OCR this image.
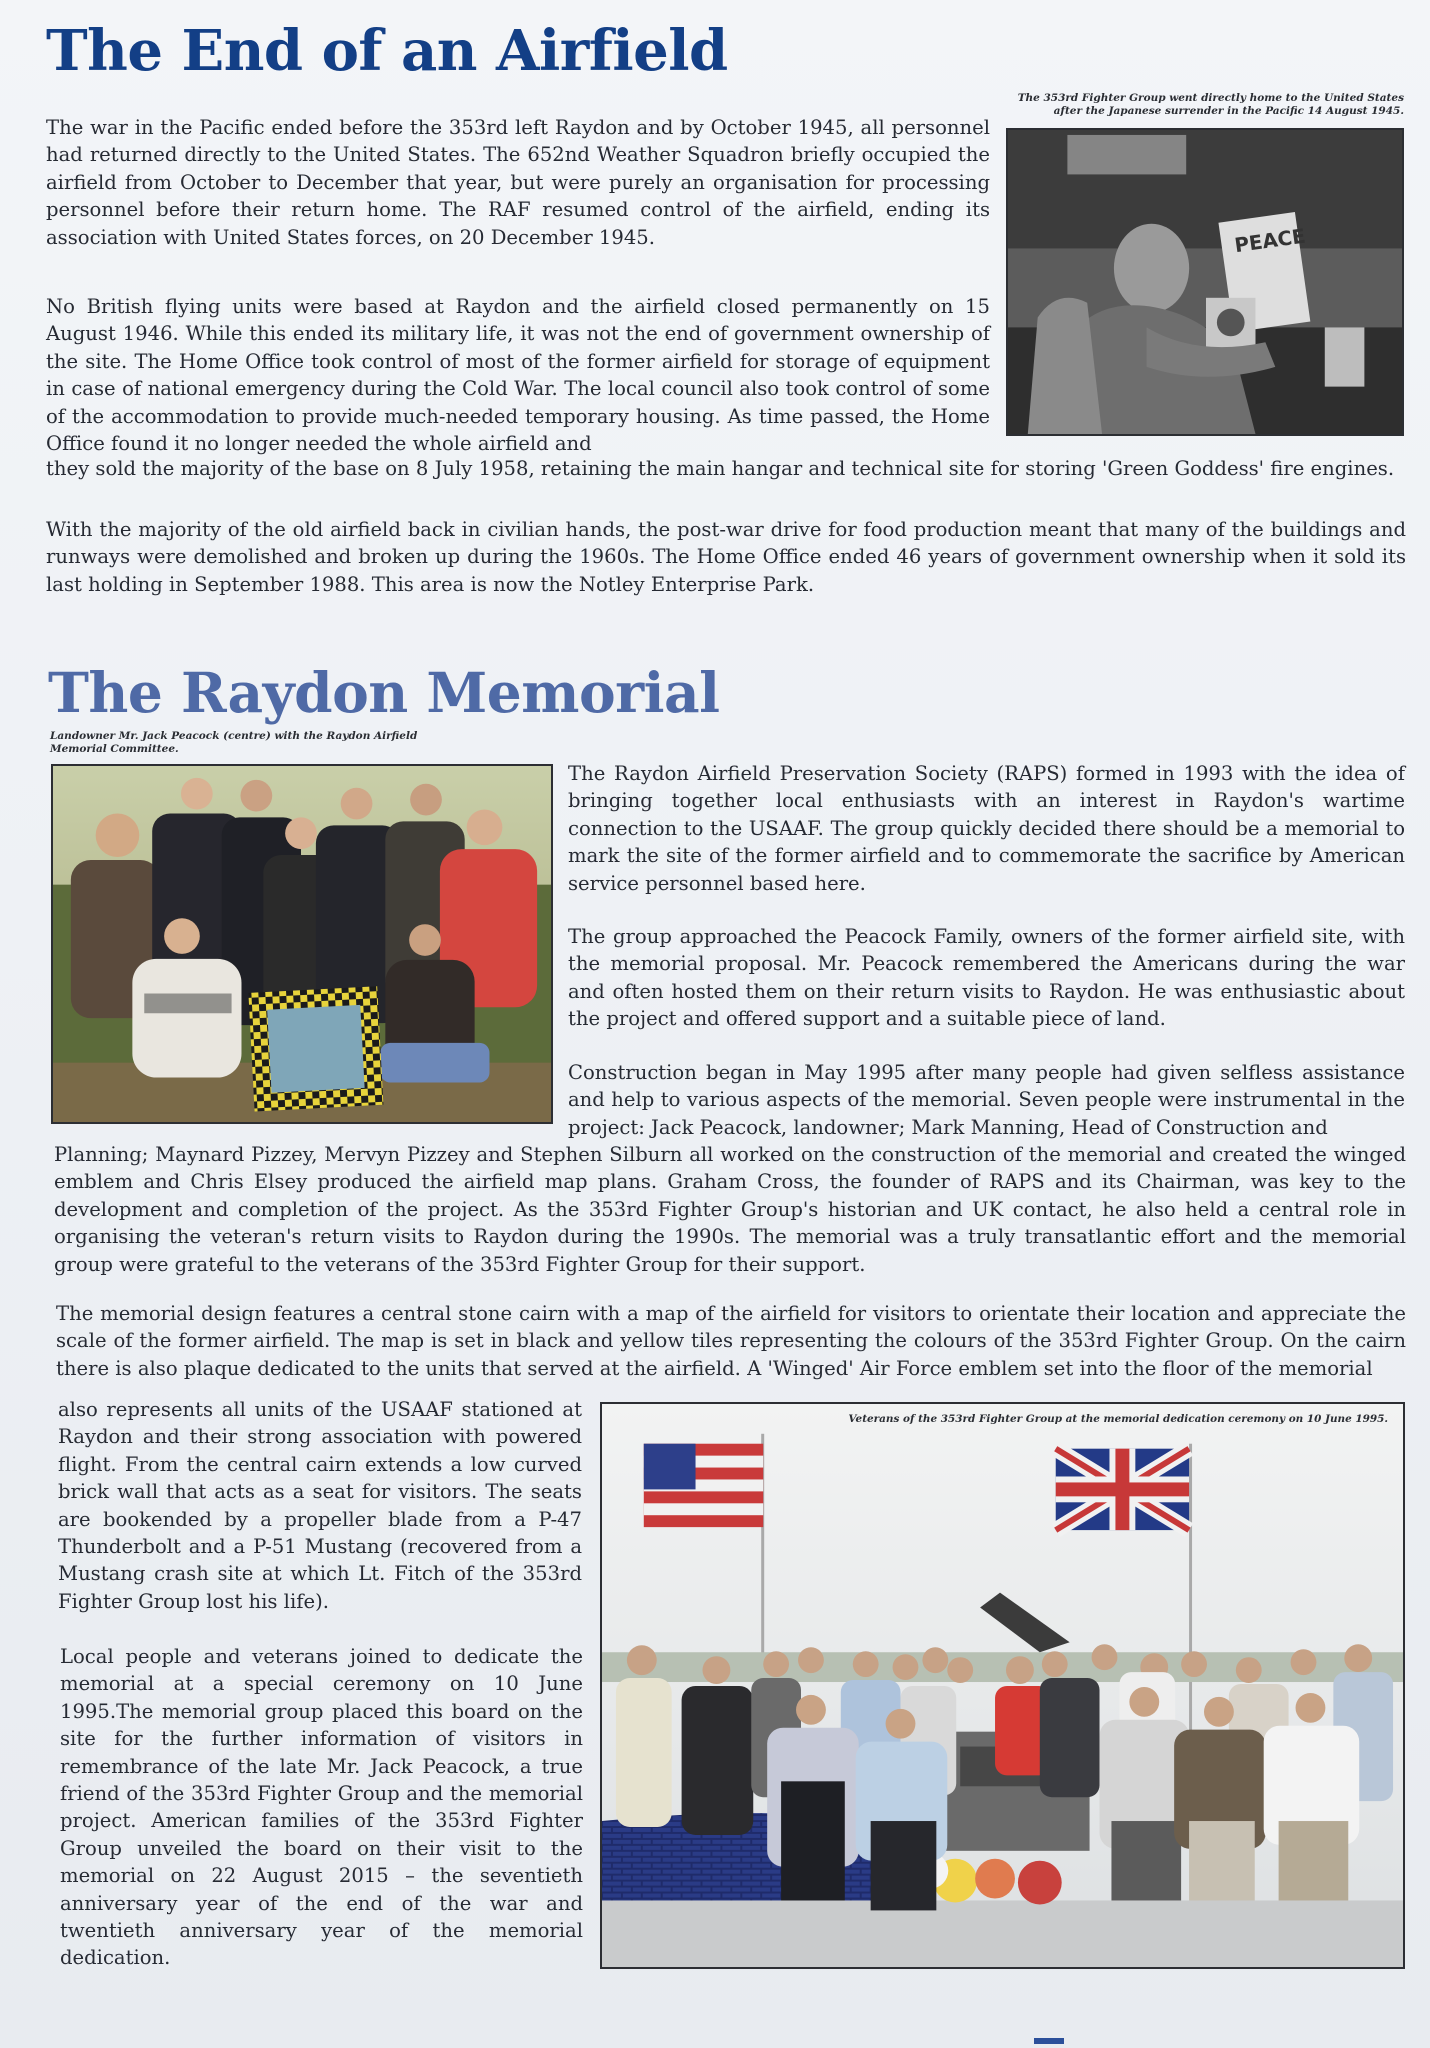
The End of an Airfield

The 353rd Fighter Group went directly home to the United States after the Japanese surrender in the Pacific 14 August 1945.

PEACE

The war in the Pacific ended before the 353rd left Raydon and by October 1945, all personnel had returned directly to the United States. The 652nd Weather Squadron briefly occupied the airfield from October to December that year, but were purely an organisation for processing personnel before their return home. The RAF resumed control of the airfield, ending its association with United States forces, on 20 December 1945.

No British flying units were based at Raydon and the airfield closed permanently on 15 August 1946. While this ended its military life, it was not the end of government ownership of the site. The Home Office took control of most of the former airfield for storage of equipment in case of national emergency during the Cold War. The local council also took control of some of the accommodation to provide much-needed temporary housing. As time passed, the Home Office found it no longer needed the whole airfield and

they sold the majority of the base on 8 July 1958, retaining the main hangar and technical site for storing 'Green Goddess' fire engines.

With the majority of the old airfield back in civilian hands, the post-war drive for food production meant that many of the buildings and runways were demolished and broken up during the 1960s. The Home Office ended 46 years of government ownership when it sold its last holding in September 1988. This area is now the Notley Enterprise Park.

The Raydon Memorial

Landowner Mr. Jack Peacock (centre) with the Raydon Airfield Memorial Committee.

The Raydon Airfield Preservation Society (RAPS) formed in 1993 with the idea of bringing together local enthusiasts with an interest in Raydon's wartime connection to the USAAF. The group quickly decided there should be a memorial to mark the site of the former airfield and to commemorate the sacrifice by American service personnel based here.

The group approached the Peacock Family, owners of the former airfield site, with the memorial proposal. Mr. Peacock remembered the Americans during the war and often hosted them on their return visits to Raydon. He was enthusiastic about the project and offered support and a suitable piece of land.

Construction began in May 1995 after many people had given selfless assistance and help to various aspects of the memorial. Seven people were instrumental in the project: Jack Peacock, landowner; Mark Manning, Head of Construction and

Planning; Maynard Pizzey, Mervyn Pizzey and Stephen Silburn all worked on the construction of the memorial and created the winged emblem and Chris Elsey produced the airfield map plans. Graham Cross, the founder of RAPS and its Chairman, was key to the development and completion of the project. As the 353rd Fighter Group's historian and UK contact, he also held a central role in organising the veteran's return visits to Raydon during the 1990s. The memorial was a truly transatlantic effort and the memorial group were grateful to the veterans of the 353rd Fighter Group for their support.

The memorial design features a central stone cairn with a map of the airfield for visitors to orientate their location and appreciate the scale of the former airfield. The map is set in black and yellow tiles representing the colours of the 353rd Fighter Group. On the cairn there is also plaque dedicated to the units that served at the airfield. A 'Winged' Air Force emblem set into the floor of the memorial

also represents all units of the USAAF stationed at Raydon and their strong association with powered flight. From the central cairn extends a low curved brick wall that acts as a seat for visitors. The seats are bookended by a propeller blade from a P-47 Thunderbolt and a P-51 Mustang (recovered from a Mustang crash site at which Lt. Fitch of the 353rd Fighter Group lost his life).

Local people and veterans joined to dedicate the memorial at a special ceremony on 10 June 1995.The memorial group placed this board on the site for the further information of visitors in remembrance of the late Mr. Jack Peacock, a true friend of the 353rd Fighter Group and the memorial project. American families of the 353rd Fighter Group unveiled the board on their visit to the memorial on 22 August 2015 – the seventieth anniversary year of the end of the war and twentieth anniversary year of the memorial dedication.

Veterans of the 353rd Fighter Group at the memorial dedication ceremony on 10 June 1995.
